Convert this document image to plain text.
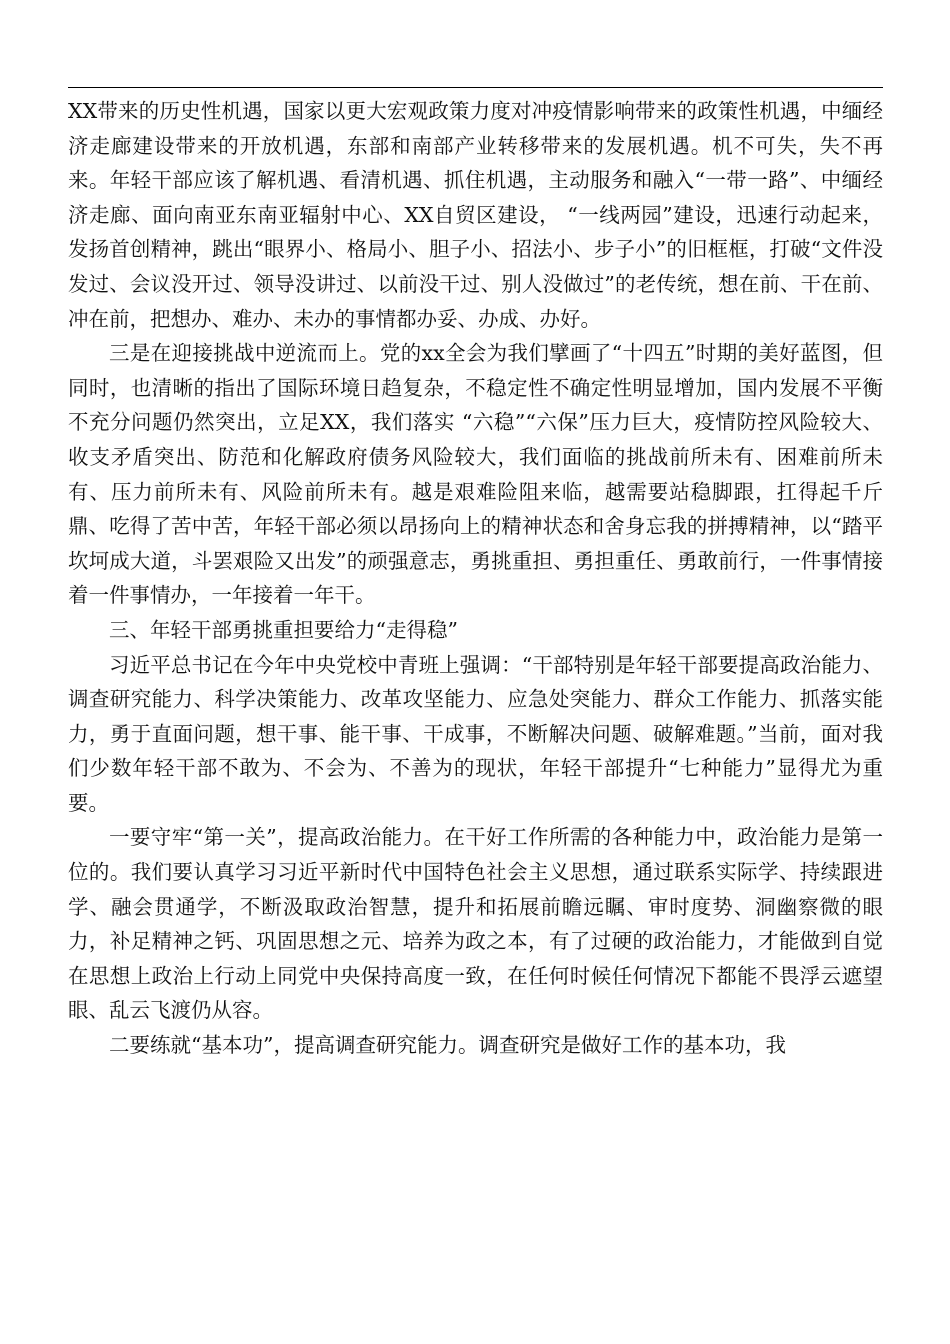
XX带来的历史性机遇，国家以更大宏观政策力度对冲疫情影响带来的政策性机遇，中缅经济走廊建设带来的开放机遇，东部和南部产业转移带来的发展机遇。机不可失，失不再来。年轻干部应该了解机遇、看清机遇、抓住机遇，主动服务和融入“一带一路”、中缅经济走廊、面向南亚东南亚辐射中心、XX自贸区建设， “一线两园”建设，迅速行动起来，发扬首创精神，跳出“眼界小、格局小、胆子小、招法小、步子小”的旧框框，打破“文件没发过、会议没开过、领导没讲过、以前没干过、别人没做过”的老传统，想在前、干在前、冲在前，把想办、难办、未办的事情都办妥、办成、办好。

三是在迎接挑战中逆流而上。党的xx全会为我们擘画了“十四五”时期的美好蓝图，但同时，也清晰的指出了国际环境日趋复杂，不稳定性不确定性明显增加，国内发展不平衡不充分问题仍然突出，立足XX，我们落实 “六稳”“六保”压力巨大，疫情防控风险较大、收支矛盾突出、防范和化解政府债务风险较大，我们面临的挑战前所未有、困难前所未有、压力前所未有、风险前所未有。越是艰难险阻来临，越需要站稳脚跟，扛得起千斤鼎、吃得了苦中苦，年轻干部必须以昂扬向上的精神状态和舍身忘我的拼搏精神，以“踏平坎坷成大道，斗罢艰险又出发”的顽强意志，勇挑重担、勇担重任、勇敢前行，一件事情接着一件事情办，一年接着一年干。

三、年轻干部勇挑重担要给力“走得稳”

习近平总书记在今年中央党校中青班上强调：“干部特别是年轻干部要提高政治能力、调查研究能力、科学决策能力、改革攻坚能力、应急处突能力、群众工作能力、抓落实能力，勇于直面问题，想干事、能干事、干成事，不断解决问题、破解难题。”当前，面对我们少数年轻干部不敢为、不会为、不善为的现状，年轻干部提升“七种能力”显得尤为重要。

一要守牢“第一关”，提高政治能力。在干好工作所需的各种能力中，政治能力是第一位的。我们要认真学习习近平新时代中国特色社会主义思想，通过联系实际学、持续跟进学、融会贯通学，不断汲取政治智慧，提升和拓展前瞻远瞩、审时度势、洞幽察微的眼力，补足精神之钙、巩固思想之元、培养为政之本，有了过硬的政治能力，才能做到自觉在思想上政治上行动上同党中央保持高度一致，在任何时候任何情况下都能不畏浮云遮望眼、乱云飞渡仍从容。

二要练就“基本功”，提高调查研究能力。调查研究是做好工作的基本功，我
